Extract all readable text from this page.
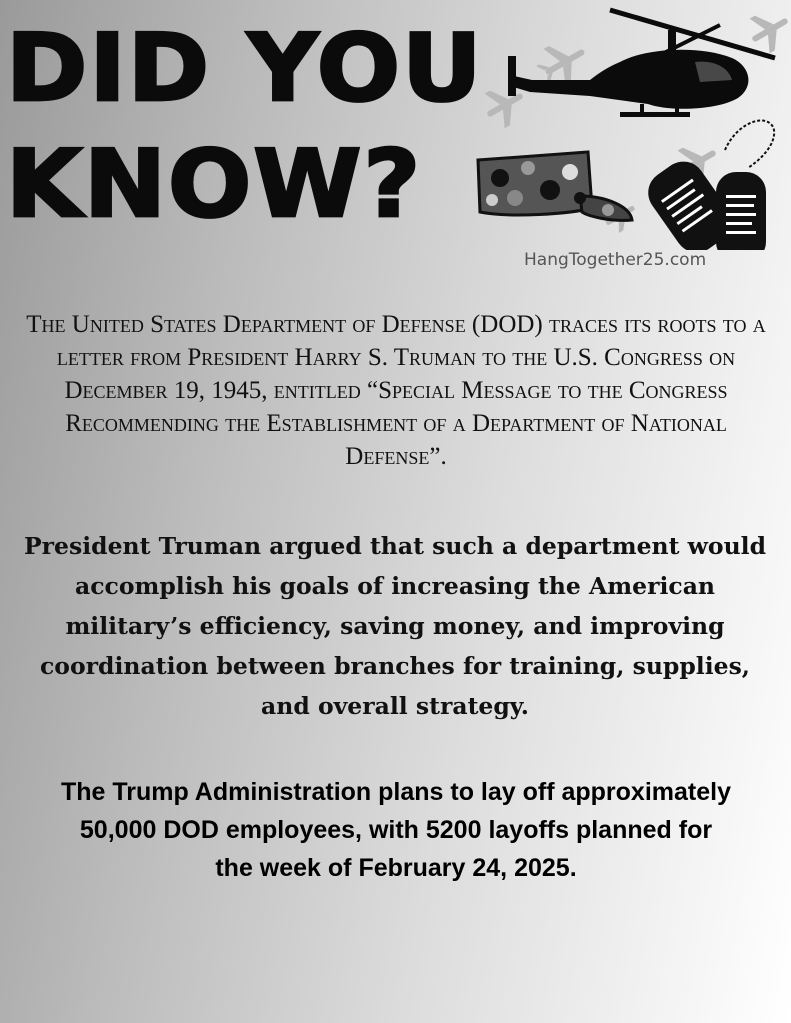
DID YOU
KNOW?
HangTogether25.com

The United States Department of Defense (DOD) traces its roots to a letter from President Harry S. Truman to the U.S. Congress on December 19, 1945, entitled “Special Message to the Congress Recommending the Establishment of a Department of National Defense”.

President Truman argued that such a department would accomplish his goals of increasing the American military’s efficiency, saving money, and improving coordination between branches for training, supplies, and overall strategy.

The Trump Administration plans to lay off approximately 50,000 DOD employees, with 5200 layoffs planned for the week of February 24, 2025.
